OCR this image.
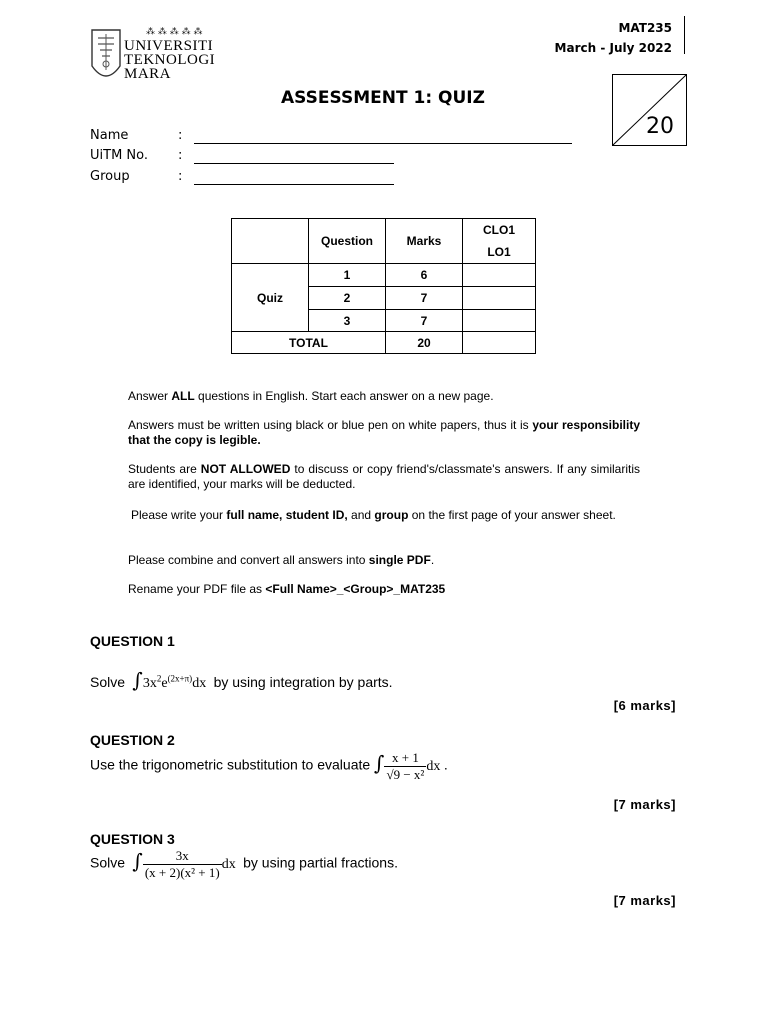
MAT235
March - July 2022
⁂ ⁂ ⁂ ⁂ ⁂
UNIVERSITI
TEKNOLOGI
MARA
ASSESSMENT 1: QUIZ
20
Name	:
UiTM No.	:
Group	:
	Question	Marks	CLO1
LO1

Quiz	1	6	
	2	7	
	3	7	
TOTAL		20	
Answer ALL questions in English. Start each answer on a new page.
Answers must be written using black or blue pen on white papers, thus it is your responsibility that the copy is legible.
Students are NOT ALLOWED to discuss or copy friend's/classmate's answers. If any similaritis are identified, your marks will be deducted.
Please write your full name, student ID, and group on the first page of your answer sheet.
Please combine and convert all answers into single PDF.
Rename your PDF file as <Full Name>_<Group>_MAT235
QUESTION 1
Solve $\int 3x^2e^{(2x+\pi)}dx$ by using integration by parts.
[6 marks]
QUESTION 2
Use the trigonometric substitution to evaluate ∫ $\frac{x + 1}{\text{√9 − x²}}$ dx .
[7 marks]
QUESTION 3
Solve ∫ $\frac{3x}{\text{(x + 2)(x² + 1)}}$ dx by using partial fractions.
[7 marks]
